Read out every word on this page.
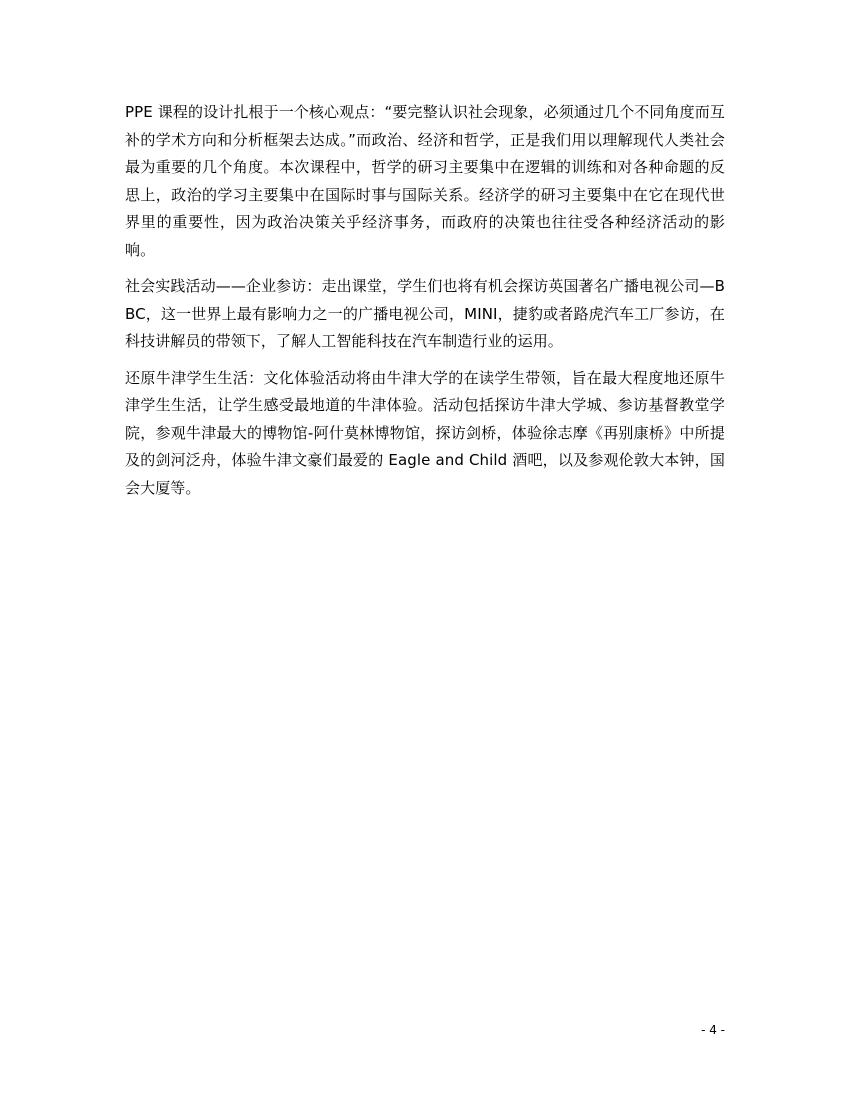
PPE 课程的设计扎根于一个核心观点：“要完整认识社会现象，必须通过几个不同角度而互补的学术方向和分析框架去达成。”而政治、经济和哲学，正是我们用以理解现代人类社会最为重要的几个角度。本次课程中，哲学的研习主要集中在逻辑的训练和对各种命题的反思上，政治的学习主要集中在国际时事与国际关系。经济学的研习主要集中在它在现代世界里的重要性，因为政治决策关乎经济事务，而政府的决策也往往受各种经济活动的影响。

社会实践活动——企业参访：走出课堂，学生们也将有机会探访英国著名广播电视公司—BBC，这一世界上最有影响力之一的广播电视公司，MINI，捷豹或者路虎汽车工厂参访，在科技讲解员的带领下，了解人工智能科技在汽车制造行业的运用。

还原牛津学生生活：文化体验活动将由牛津大学的在读学生带领，旨在最大程度地还原牛津学生生活，让学生感受最地道的牛津体验。活动包括探访牛津大学城、参访基督教堂学院，参观牛津最大的博物馆-阿什莫林博物馆，探访剑桥，体验徐志摩《再别康桥》中所提及的剑河泛舟，体验牛津文豪们最爱的 Eagle and Child 酒吧，以及参观伦敦大本钟，国会大厦等。

- 4 -
